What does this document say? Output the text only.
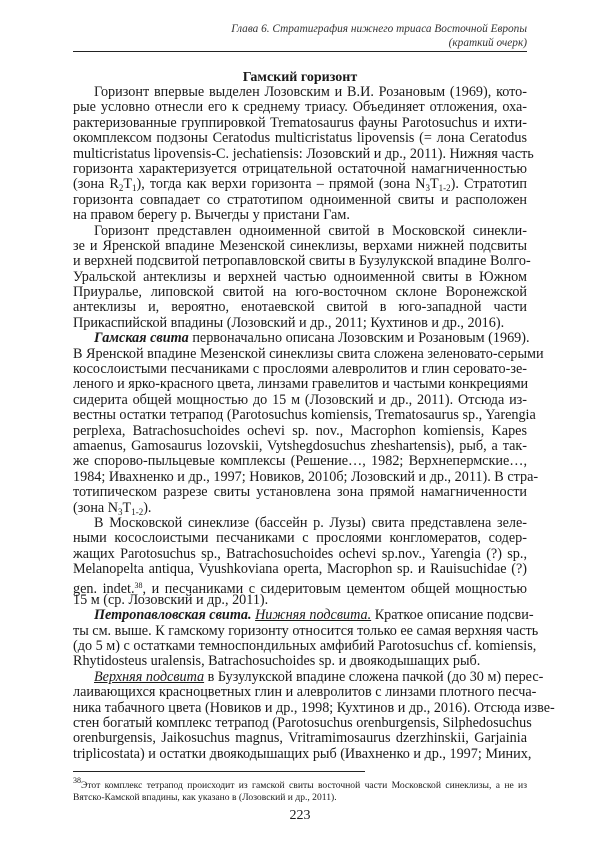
Глава 6. Стратиграфия нижнего триаса Восточной Европы
(краткий очерк)
Гамский горизонт
Горизонт впервые выделен Лозовским и В.И. Розановым (1969), кото-
рые условно отнесли его к среднему триасу. Объединяет отложения, оха-
рактеризованные группировкой Trematosaurus фауны Parotosuchus и ихти-
окомплексом подзоны Ceratodus multicristatus lipovensis (= лона Ceratodus
multicristatus lipovensis-C. jechatiensis: Лозовский и др., 2011). Нижняя часть
горизонта характеризуется отрицательной остаточной намагниченностью
(зона $R_2T_1$), тогда как верхи горизонта – прямой (зона $N_3T_{1-2}$). Стратотип
горизонта совпадает со стратотипом одноименной свиты и расположен
на правом берегу р. Вычегды у пристани Гам.
Горизонт представлен одноименной свитой в Московской синекли-
зе и Яренской впадине Мезенской синеклизы, верхами нижней подсвиты
и верхней подсвитой петропавловской свиты в Бузулукской впадине Волго-
Уральской антеклизы и верхней частью одноименной свиты в Южном
Приуралье, липовской свитой на юго-восточном склоне Воронежской
антеклизы и, вероятно, енотаевской свитой в юго-западной части
Прикаспийской впадины (Лозовский и др., 2011; Кухтинов и др., 2016).
Гамская свита первоначально описана Лозовским и Розановым (1969).
В Яренской впадине Мезенской синеклизы свита сложена зеленовато-серыми
косослоистыми песчаниками с прослоями алевролитов и глин серовато-зе-
леного и ярко-красного цвета, линзами гравелитов и частыми конкрециями
сидерита общей мощностью до 15 м (Лозовский и др., 2011). Отсюда из-
вестны остатки тетрапод (Parotosuchus komiensis, Trematosaurus sp., Yarengia
perplexa, Batrachosuchoides ochevi sp. nov., Macrophon komiensis, Kapes
amaenus, Gamosaurus lozovskii, Vytshegdosuchus zheshartensis), рыб, а так-
же спорово-пыльцевые комплексы (Решение…, 1982; Верхнепермские…,
1984; Ивахненко и др., 1997; Новиков, 2010б; Лозовский и др., 2011). В стра-
тотипическом разрезе свиты установлена зона прямой намагниченности
(зона $N_3T_{1-2}$).
В Московской синеклизе (бассейн р. Лузы) свита представлена зеле-
ными косослоистыми песчаниками с прослоями конгломератов, содер-
жащих Parotosuchus sp., Batrachosuchoides ochevi sp.nov., Yarengia (?) sp.,
Melanopelta antiqua, Vyushkoviana operta, Macrophon sp. и Rauisuchidae (?)
gen. indet.$^{38}$, и песчаниками с сидеритовым цементом общей мощностью
15 м (ср. Лозовский и др., 2011).
Петропавловская свита. Нижняя подсвита. Краткое описание подсви-
ты см. выше. К гамскому горизонту относится только ее самая верхняя часть
(до 5 м) с остатками темноспондильных амфибий Parotosuchus cf. komiensis,
Rhytidosteus uralensis, Batrachosuchoides sp. и двоякодышащих рыб.
Верхняя подсвита в Бузулукской впадине сложена пачкой (до 30 м) перес-
лаивающихся красноцветных глин и алевролитов с линзами плотного песча-
ника табачного цвета (Новиков и др., 1998; Кухтинов и др., 2016). Отсюда изве-
стен богатый комплекс тетрапод (Parotosuchus orenburgensis, Silphedosuchus
orenburgensis, Jaikosuchus magnus, Vritramimosaurus dzerzhinskii, Garjainia
triplicostata) и остатки двоякодышащих рыб (Ивахненко и др., 1997; Миних,
$^{38}$Этот комплекс тетрапод происходит из гамской свиты восточной части Московской синеклизы, а не из
Вятско-Камской впадины, как указано в (Лозовский и др., 2011).
223
